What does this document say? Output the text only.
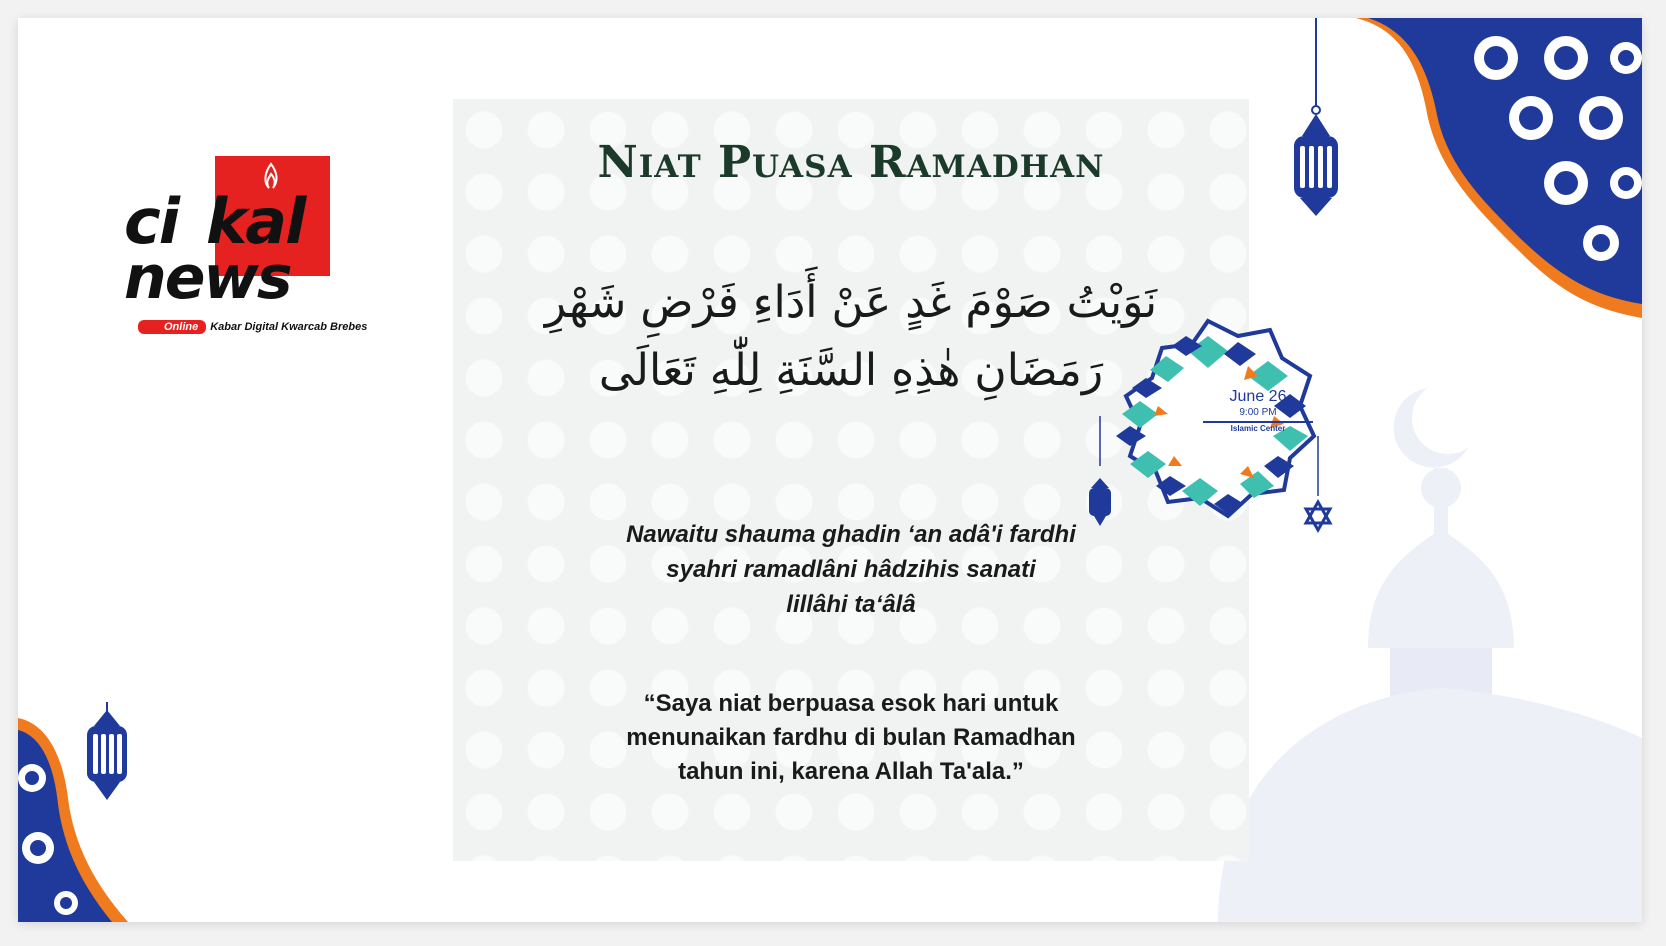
ci kal
news
Online	Kabar Digital Kwarcab Brebes
Niat Puasa Ramadhan
نَوَيْتُ صَوْمَ غَدٍ عَنْ أَدَاءِ فَرْضِ شَهْرِ
رَمَضَانِ هٰذِهِ السَّنَةِ لِلّٰهِ تَعَالَى
Nawaitu shauma ghadin ‘an adâ'i fardhi
syahri ramadlâni hâdzihis sanati
lillâhi ta‘âlâ
“Saya niat berpuasa esok hari untuk
menunaikan fardhu di bulan Ramadhan
tahun ini, karena Allah Ta'ala.”
June 26
9:00 PM
Islamic Center
